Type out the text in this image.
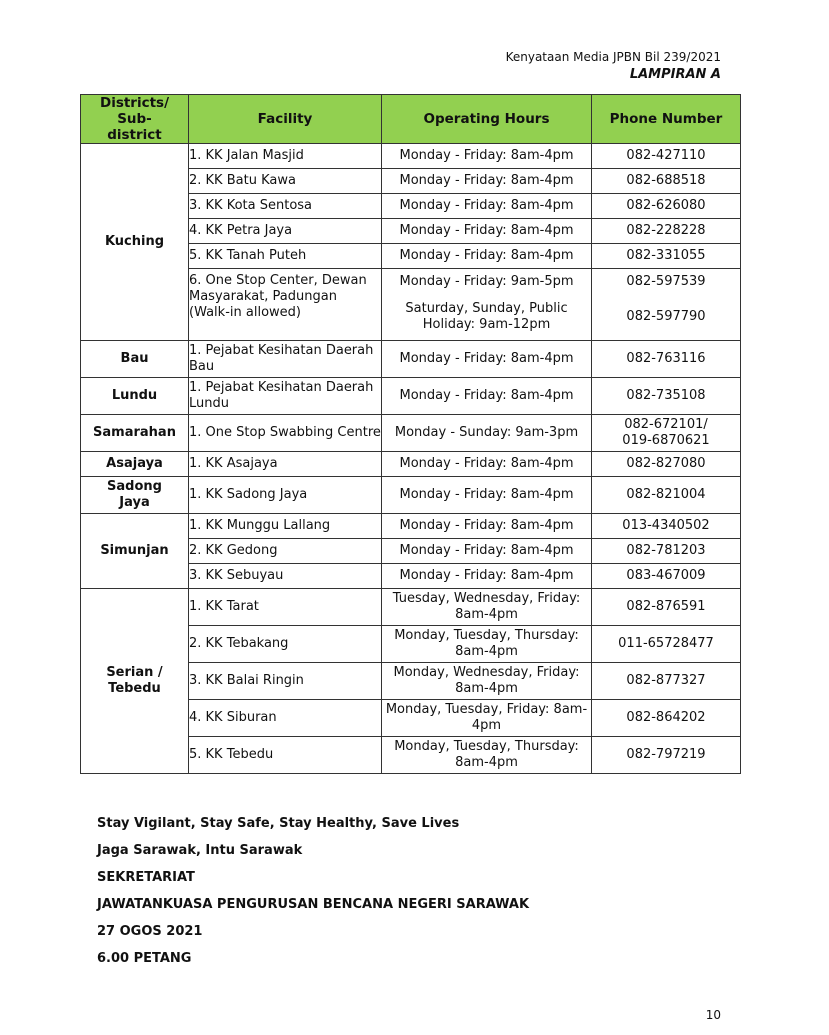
Kenyataan Media JPBN Bil 239/2021
LAMPIRAN A
Districts/ Sub-district	Facility	Operating Hours	Phone Number
Kuching	1. KK Jalan Masjid	Monday - Friday: 8am-4pm	082-427110
	2. KK Batu Kawa	Monday - Friday: 8am-4pm	082-688518
	3. KK Kota Sentosa	Monday - Friday: 8am-4pm	082-626080
	4. KK Petra Jaya	Monday - Friday: 8am-4pm	082-228228
	5. KK Tanah Puteh	Monday - Friday: 8am-4pm	082-331055
	6. One Stop Center, Dewan Masyarakat, Padungan (Walk-in allowed)	Monday - Friday: 9am-5pm	082-597539

		Saturday, Sunday, Public Holiday: 9am-12pm	082-597790
Bau	1. Pejabat Kesihatan Daerah Bau	Monday - Friday: 8am-4pm	082-763116
Lundu	1. Pejabat Kesihatan Daerah Lundu	Monday - Friday: 8am-4pm	082-735108
Samarahan	1. One Stop Swabbing Centre	Monday - Sunday: 9am-3pm	082-672101/ 019-6870621

Asajaya	1. KK Asajaya	Monday - Friday: 8am-4pm	082-827080

Sadong Jaya	1. KK Sadong Jaya	Monday - Friday: 8am-4pm	082-821004
Simunjan	1. KK Munggu Lallang	Monday - Friday: 8am-4pm	013-4340502
	2. KK Gedong	Monday - Friday: 8am-4pm	082-781203
	3. KK Sebuyau	Monday - Friday: 8am-4pm	083-467009

Serian / Tebedu	1. KK Tarat	Tuesday, Wednesday, Friday: 8am-4pm	082-876591
	2. KK Tebakang	Monday, Tuesday, Thursday: 8am-4pm	011-65728477
	3. KK Balai Ringin	Monday, Wednesday, Friday: 8am-4pm	082-877327
	4. KK Siburan	Monday, Tuesday, Friday: 8am-4pm	082-864202
	5. KK Tebedu	Monday, Tuesday, Thursday: 8am-4pm	082-797219
Stay Vigilant, Stay Safe, Stay Healthy, Save Lives
Jaga Sarawak, Intu Sarawak
SEKRETARIAT
JAWATANKUASA PENGURUSAN BENCANA NEGERI SARAWAK
27 OGOS 2021
6.00 PETANG
10
